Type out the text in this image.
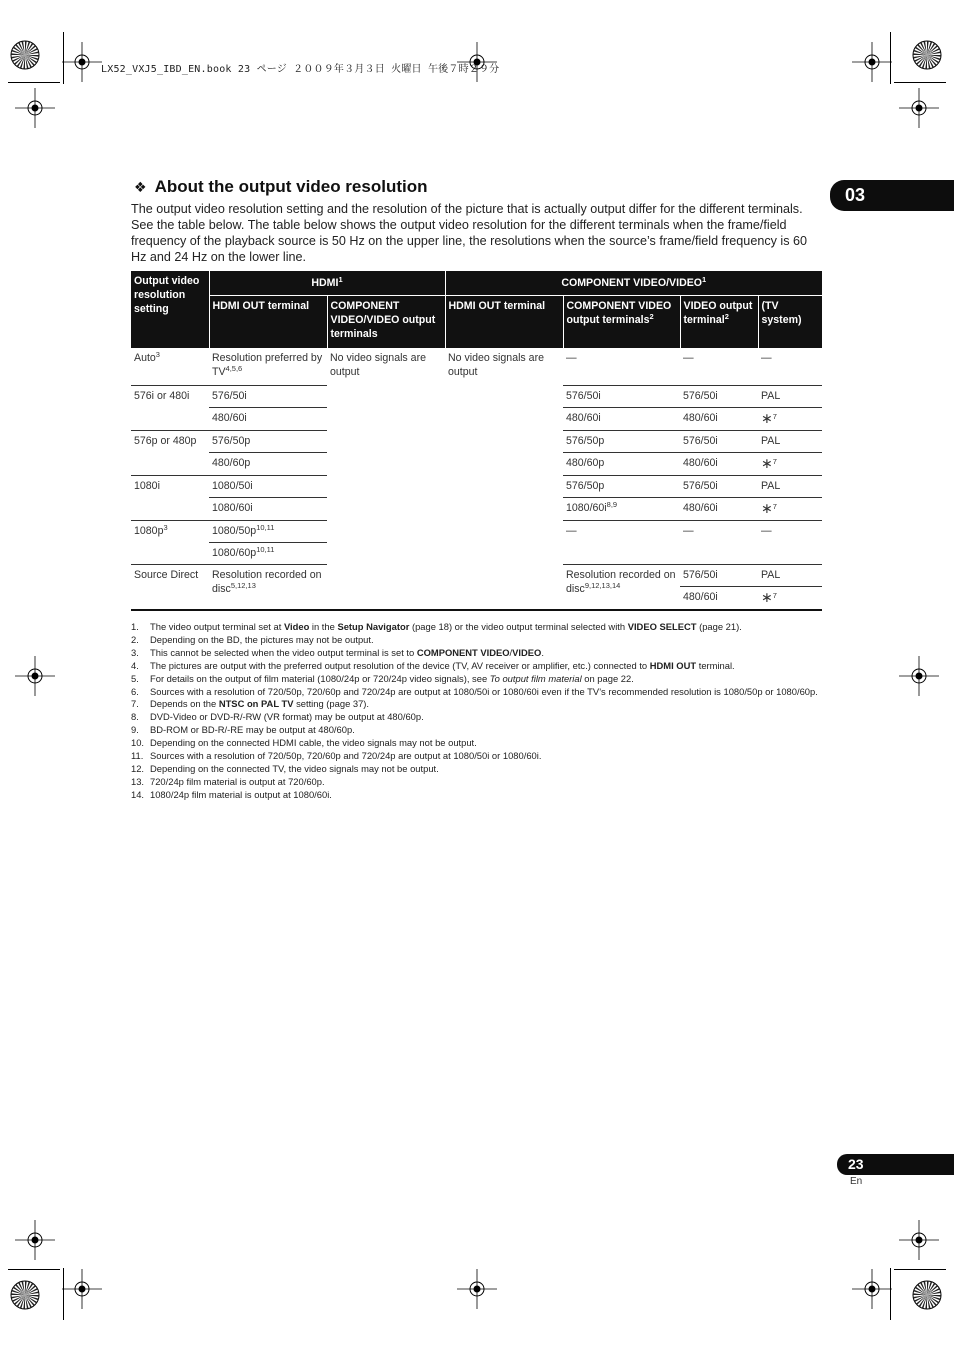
LX52_VXJ5_IBD_EN.book 23 ページ ２００９年３月３日 火曜日 午後７時２９分
03
❖ About the output video resolution
The output video resolution setting and the resolution of the picture that is actually output differ for the different terminals. See the table below. The table below shows the output video resolution for the different terminals when the frame/field frequency of the playback source is 50 Hz on the upper line, the resolutions when the source’s frame/field frequency is 60 Hz and 24 Hz on the lower line.
Output video resolution setting	HDMI$^1$		COMPONENT VIDEO/VIDEO$^1$
	HDMI OUT terminal	COMPONENT VIDEO/VIDEO output terminals	HDMI OUT terminal	COMPONENT VIDEO output terminals$^2$	VIDEO output terminal$^2$	(TV system)
Auto$^3$	Resolution preferred by TV$^{4,5,6}$	No video signals are output	No video signals are output	—	—	—
576i or 480i	576/50i			576/50i	576/50i	PAL
	480/60i			480/60i	480/60i	∗$^7$
576p or 480p	576/50p			576/50p	576/50i	PAL
	480/60p			480/60p	480/60i	∗$^7$
1080i	1080/50i			576/50p	576/50i	PAL
	1080/60i			$1080/60i^{8,9}$	480/60i	∗$^7$
$1080p^3$	$1080/50p^{10,11}$			—	—	—
	$1080/60p^{10,11}$
Source Direct	Resolution recorded on disc$^{5,12,13}$			Resolution recorded on disc$^{9,12,13,14}$	576/50i	PAL
					480/60i	∗$^7$
1.	The video output terminal set at Video in the Setup Navigator (page 18) or the video output terminal selected with VIDEO SELECT (page 21).
2.	Depending on the BD, the pictures may not be output.
3.	This cannot be selected when the video output terminal is set to COMPONENT VIDEO/VIDEO.
4.	The pictures are output with the preferred output resolution of the device (TV, AV receiver or amplifier, etc.) connected to HDMI OUT terminal.
5.	For details on the output of film material (1080/24p or 720/24p video signals), see To output film material on page 22.
6.	Sources with a resolution of 720/50p, 720/60p and 720/24p are output at 1080/50i or 1080/60i even if the TV’s recommended resolution is 1080/50p or 1080/60p.
7.	Depends on the NTSC on PAL TV setting (page 37).
8.	DVD-Video or DVD-R/-RW (VR format) may be output at 480/60p.
9.	BD-ROM or BD-R/-RE may be output at 480/60p.
10. Depending on the connected HDMI cable, the video signals may not be output.
11. Sources with a resolution of 720/50p, 720/60p and 720/24p are output at 1080/50i or 1080/60i.
12. Depending on the connected TV, the video signals may not be output.
13. 720/24p film material is output at 720/60p.
14. 1080/24p film material is output at 1080/60i.
23
En
